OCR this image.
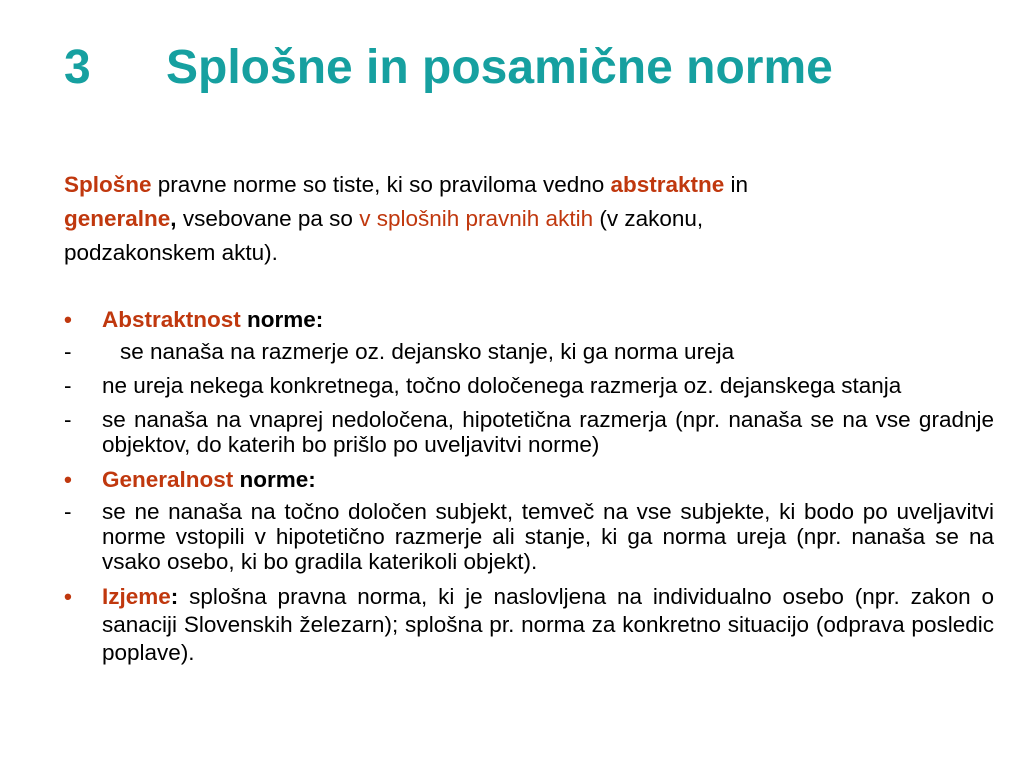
3 Splošne in posamične norme
Splošne pravne norme so tiste, ki so praviloma vedno abstraktne in
generalne, vsebovane pa so v splošnih pravnih aktih (v zakonu,
podzakonskem aktu).
• Abstraktnost norme:
- se nanaša na razmerje oz. dejansko stanje, ki ga norma ureja
- ne ureja nekega konkretnega, točno določenega razmerja oz. dejanskega stanja
- se nanaša na vnaprej nedoločena, hipotetična razmerja (npr. nanaša se na vse gradnje objektov, do katerih bo prišlo po uveljavitvi norme)
• Generalnost norme:
- se ne nanaša na točno določen subjekt, temveč na vse subjekte, ki bodo po uveljavitvi norme vstopili v hipotetično razmerje ali stanje, ki ga norma ureja (npr. nanaša se na vsako osebo, ki bo gradila katerikoli objekt).
• Izjeme: splošna pravna norma, ki je naslovljena na individualno osebo (npr. zakon o sanaciji Slovenskih železarn); splošna pr. norma za konkretno situacijo (odprava posledic poplave).
